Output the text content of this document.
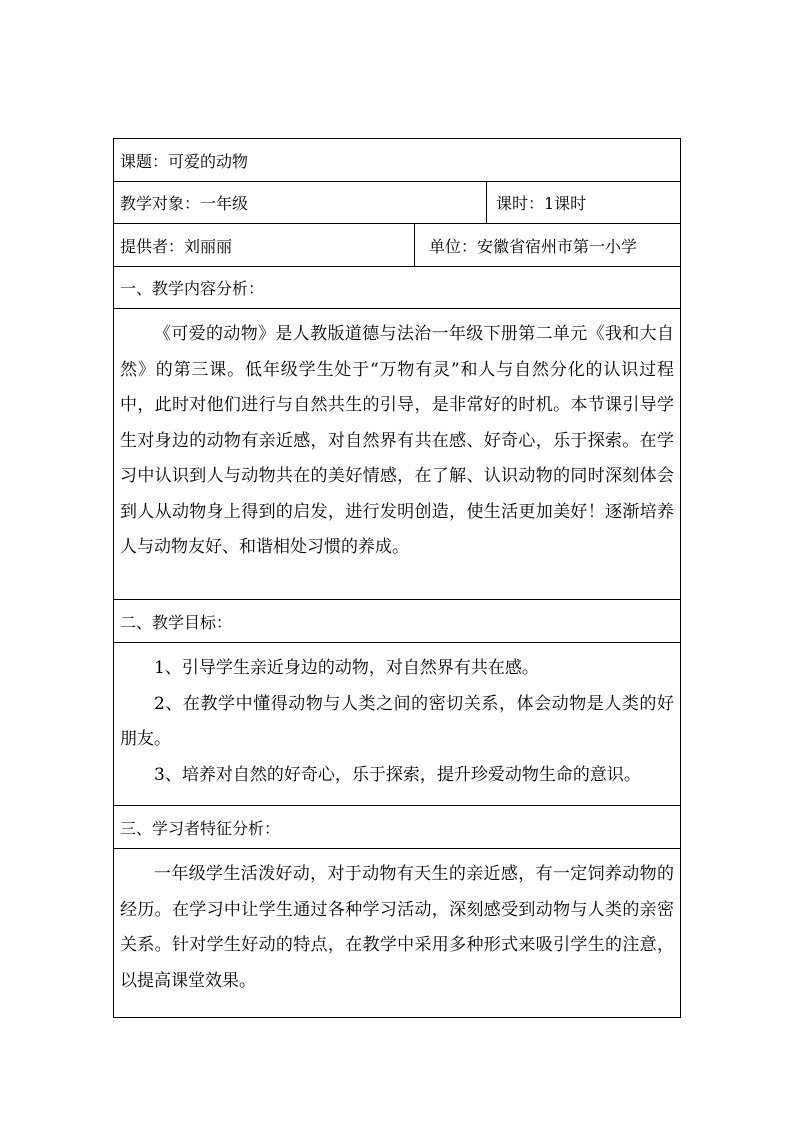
课题：可爱的动物
教学对象：一年级	课时：1课时
提供者：刘丽丽	单位：安徽省宿州市第一小学
一、教学内容分析：

《可爱的动物》是人教版道德与法治一年级下册第二单元《我和大自然》的第三课。低年级学生处于“万物有灵”和人与自然分化的认识过程中，此时对他们进行与自然共生的引导，是非常好的时机。本节课引导学生对身边的动物有亲近感，对自然界有共在感、好奇心，乐于探索。在学习中认识到人与动物共在的美好情感，在了解、认识动物的同时深刻体会到人从动物身上得到的启发，进行发明创造，使生活更加美好！逐渐培养人与动物友好、和谐相处习惯的养成。

二、教学目标：

1、引导学生亲近身边的动物，对自然界有共在感。

2、在教学中懂得动物与人类之间的密切关系，体会动物是人类的好朋友。

3、培养对自然的好奇心，乐于探索，提升珍爱动物生命的意识。

三、学习者特征分析：

一年级学生活泼好动，对于动物有天生的亲近感，有一定饲养动物的经历。在学习中让学生通过各种学习活动，深刻感受到动物与人类的亲密关系。针对学生好动的特点，在教学中采用多种形式来吸引学生的注意，以提高课堂效果。
